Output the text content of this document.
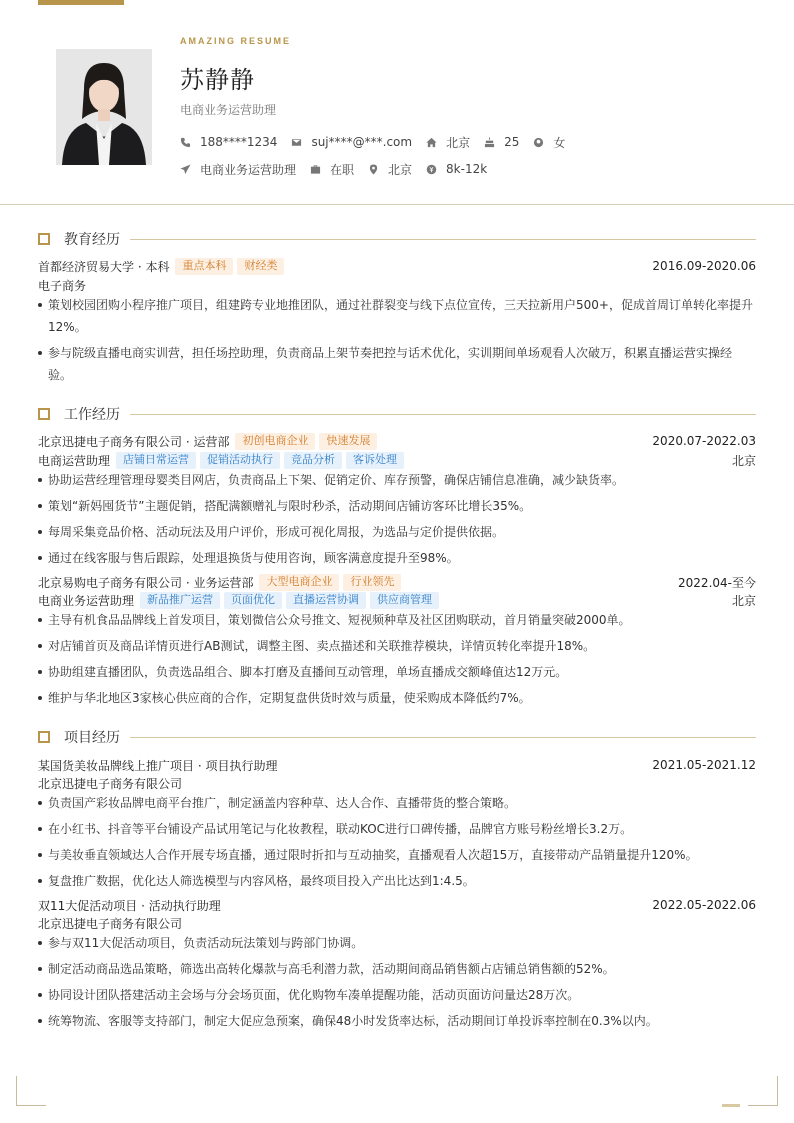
AMAZING RESUME
苏静静
电商业务运营助理
188****1234	suj****@***.com	北京	25	女
电商业务运营助理	在职	北京	8k-12k
教育经历
首都经济贸易大学 · 本科	重点本科	财经类	2016.09-2020.06
电子商务
策划校园团购小程序推广项目，组建跨专业地推团队，通过社群裂变与线下点位宣传，三天拉新用户500+，促成首周订单转化率提升
12%。
参与院级直播电商实训营，担任场控助理，负责商品上架节奏把控与话术优化，实训期间单场观看人次破万，积累直播运营实操经
验。
工作经历
北京迅捷电子商务有限公司 · 运营部	初创电商企业	快速发展	2020.07-2022.03
电商运营助理	店铺日常运营	促销活动执行	竞品分析	客诉处理	北京
协助运营经理管理母婴类目网店，负责商品上下架、促销定价、库存预警，确保店铺信息准确，减少缺货率。
策划“新妈囤货节”主题促销，搭配满额赠礼与限时秒杀，活动期间店铺访客环比增长35%。
每周采集竞品价格、活动玩法及用户评价，形成可视化周报，为选品与定价提供依据。
通过在线客服与售后跟踪，处理退换货与使用咨询，顾客满意度提升至98%。
北京易购电子商务有限公司 · 业务运营部	大型电商企业	行业领先	2022.04-至今
电商业务运营助理	新品推广运营	页面优化	直播运营协调	供应商管理	北京
主导有机食品品牌线上首发项目，策划微信公众号推文、短视频种草及社区团购联动，首月销量突破2000单。
对店铺首页及商品详情页进行AB测试，调整主图、卖点描述和关联推荐模块，详情页转化率提升18%。
协助组建直播团队，负责选品组合、脚本打磨及直播间互动管理，单场直播成交额峰值达12万元。
维护与华北地区3家核心供应商的合作，定期复盘供货时效与质量，使采购成本降低约7%。
项目经历
某国货美妆品牌线上推广项目 · 项目执行助理	2021.05-2021.12
北京迅捷电子商务有限公司
负责国产彩妆品牌电商平台推广，制定涵盖内容种草、达人合作、直播带货的整合策略。
在小红书、抖音等平台铺设产品试用笔记与化妆教程，联动KOC进行口碑传播，品牌官方账号粉丝增长3.2万。
与美妆垂直领域达人合作开展专场直播，通过限时折扣与互动抽奖，直播观看人次超15万，直接带动产品销量提升120%。
复盘推广数据，优化达人筛选模型与内容风格，最终项目投入产出比达到1:4.5。
双11大促活动项目 · 活动执行助理	2022.05-2022.06
北京迅捷电子商务有限公司
参与双11大促活动项目，负责活动玩法策划与跨部门协调。
制定活动商品选品策略，筛选出高转化爆款与高毛利潜力款，活动期间商品销售额占店铺总销售额的52%。
协同设计团队搭建活动主会场与分会场页面，优化购物车凑单提醒功能，活动页面访问量达28万次。
统筹物流、客服等支持部门，制定大促应急预案，确保48小时发货率达标，活动期间订单投诉率控制在0.3%以内。
